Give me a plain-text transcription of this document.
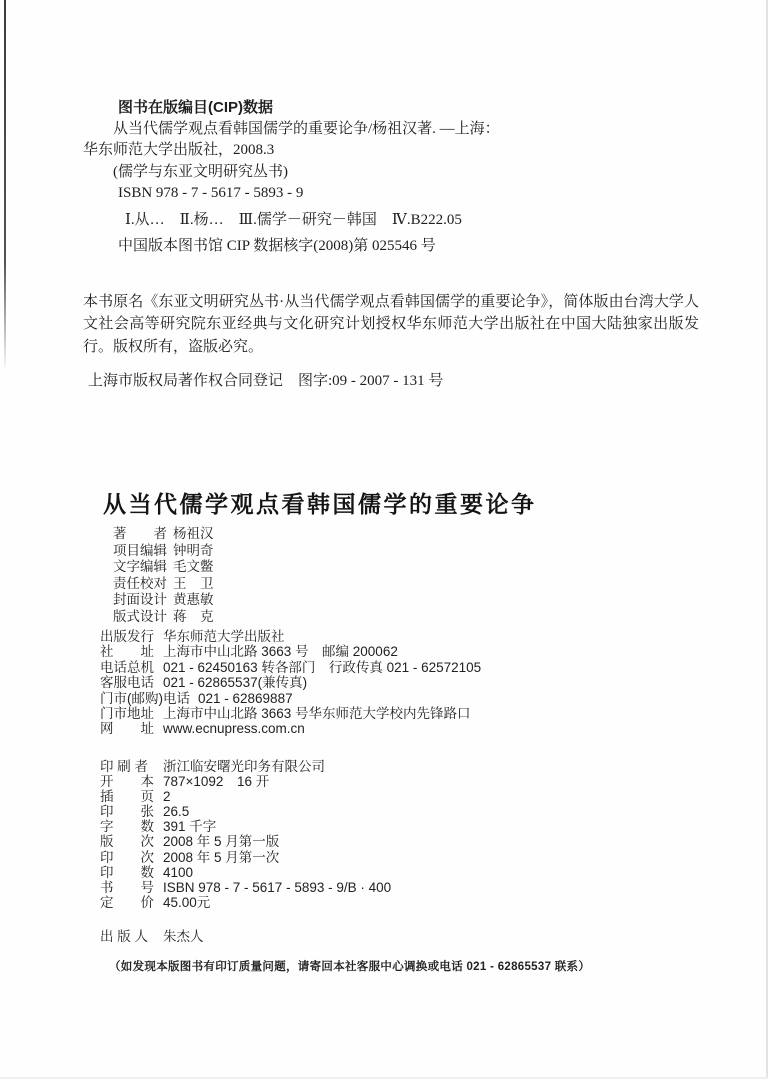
图书在版编目(CIP)数据
从当代儒学观点看韩国儒学的重要论争/杨祖汉著. —上海：
华东师范大学出版社，2008.3
(儒学与东亚文明研究丛书)
ISBN 978 - 7 - 5617 - 5893 - 9
Ⅰ.从…　Ⅱ.杨…　Ⅲ.儒学－研究－韩国　Ⅳ.B222.05
中国版本图书馆 CIP 数据核字(2008)第 025546 号
本书原名《东亚文明研究丛书·从当代儒学观点看韩国儒学的重要论争》，简体版由台湾大学人文社会高等研究院东亚经典与文化研究计划授权华东师范大学出版社在中国大陆独家出版发行。版权所有，盗版必究。
上海市版权局著作权合同登记　图字:09 - 2007 - 131 号
从当代儒学观点看韩国儒学的重要论争
著　　者 杨祖汉
项目编辑 钟明奇
文字编辑 毛文鳖
责任校对 王　卫
封面设计 黄惠敏
版式设计 蒋　克
出版发行 华东师范大学出版社
社　　址 上海市中山北路 3663 号　邮编 200062
电话总机 021 - 62450163 转各部门　行政传真 021 - 62572105
客服电话 021 - 62865537(兼传真)
门市(邮购)电话 021 - 62869887
门市地址 上海市中山北路 3663 号华东师范大学校内先锋路口
网　　址 www.ecnupress.com.cn
印 刷 者 浙江临安曙光印务有限公司
开　　本 787×1092　16 开
插　　页 2
印　　张 26.5
字　　数 391 千字
版　　次 2008 年 5 月第一版
印　　次 2008 年 5 月第一次
印　　数 4100
书　　号 ISBN 978 - 7 - 5617 - 5893 - 9/B · 400
定　　价 45.00元
出 版 人 朱杰人
（如发现本版图书有印订质量问题，请寄回本社客服中心调换或电话 021 - 62865537 联系）
